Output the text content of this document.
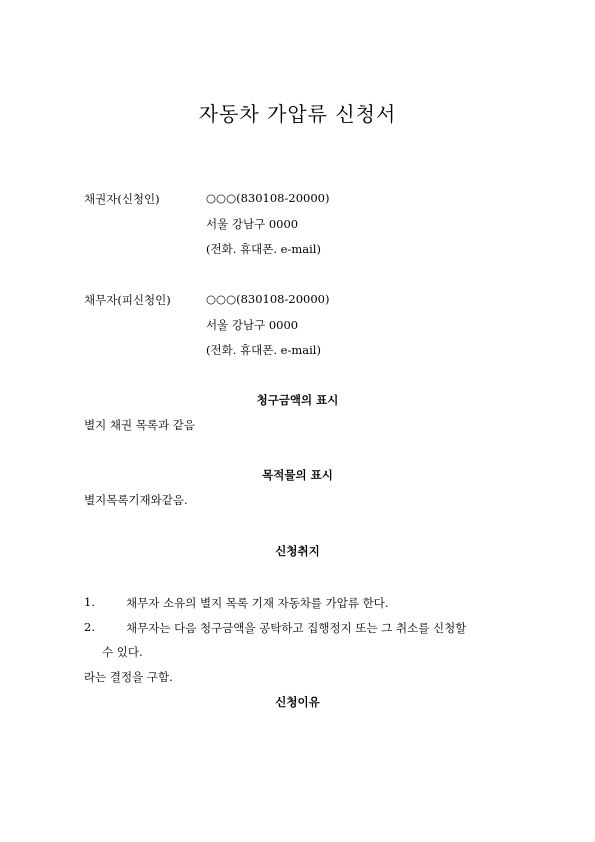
자동차 가압류 신청서
채권자(신청인)	○○○(830108-20000)
서울 강남구 0000
(전화. 휴대폰. e-mail)
채무자(피신청인)	○○○(830108-20000)
서울 강남구 0000
(전화. 휴대폰. e-mail)
청구금액의 표시
별지 채권 목록과 같음
목적물의 표시
별지목록기재와같음.
신청취지
1.	채무자 소유의 별지 목록 기재 자동차를 가압류 한다.
2.	채무자는 다음 청구금액을 공탁하고 집행정지 또는 그 취소를 신청할
수 있다.
라는 결정을 구함.
신청이유
